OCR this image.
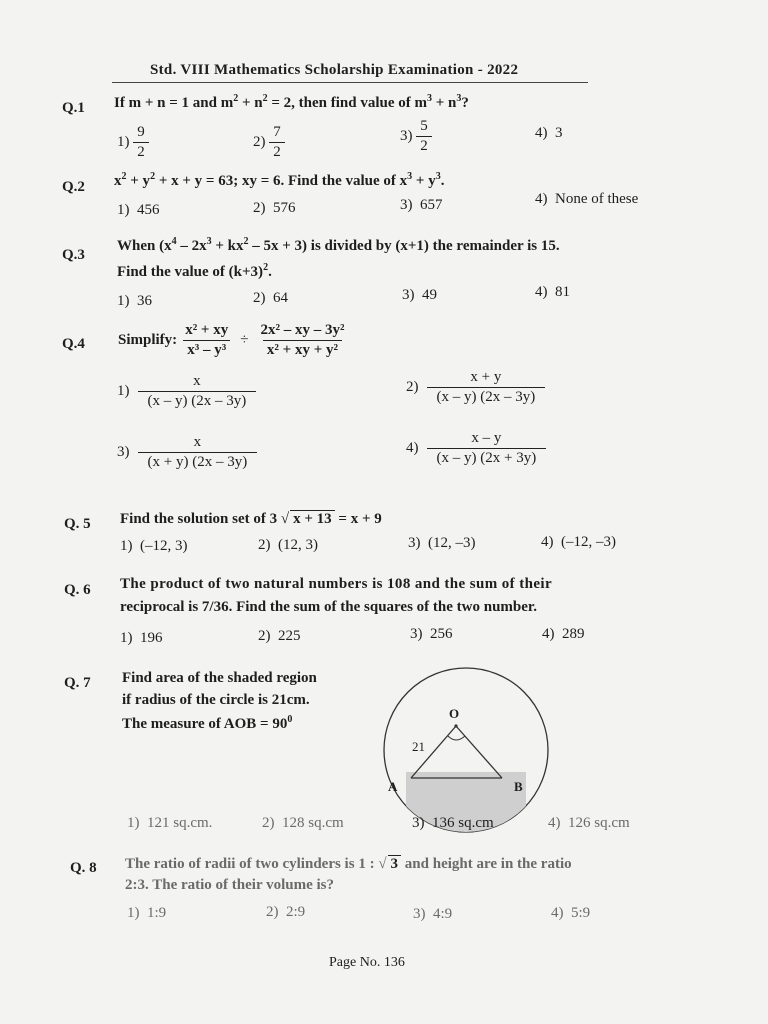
Std. VIII Mathematics Scholarship Examination - 2022
Q.1 If m + n = 1 and $m^2 + n^2 = 2$, then find value of $m^3 + n^3$?
$1) \frac{9}{2}$	$2) \frac{7}{2}$	$3) \frac{5}{2}$	4) 3
Q.2 $x^2 + y^2 + x + y = 63$; xy = 6. Find the value of $x^3 + y^3$.
1) 456	2) 576	3) 657	4) None of these
Q.3
When $(x^4 - 2x^3 + kx^2 - 5x + 3)$ is divided by (x+1) the remainder is 15.
Find the value of $(k+3)^2$.
1) 36	2) 64	3) 49	4) 81
Q.4 Simplify: $\frac{\text{x² + xy}}{\text{x³ – y³}} \div \frac{\text{2x² – xy – 3y²}}{\text{x² + xy + y²}}$
$1) \frac{x}{(x - y) (2x - 3y)}$	$2) \frac{x + y}{(x - y) (2x - 3y)}$
$3) \frac{x}{(x + y) (2x - 3y)}$	$4) \frac{x - y}{(x - y) (2x + 3y)}$
Q. 5 Find the solution set of 3 √ x + 13 = x + 9
1) (–12, 3)	2) (12, 3)	3) (12, –3)	4) (–12, –3)
Q. 6 The product of two natural numbers is 108 and the sum of their
reciprocal is 7/36. Find the sum of the squares of the two number.
1) 196	2) 225	3) 256	4) 289
Q. 7 Find area of the shaded region
if radius of the circle is 21cm.
The measure of AOB = $90^0$	O
21
A	B
1) 121 sq.cm.	2) 128 sq.cm	3) 136 sq.cm	4) 126 sq.cm
Q. 8 The ratio of radii of two cylinders is 1 : √ 3 and height are in the ratio
2:3. The ratio of their volume is?
1) 1:9	2) 2:9	3) 4:9	4) 5:9
Page No. 136
